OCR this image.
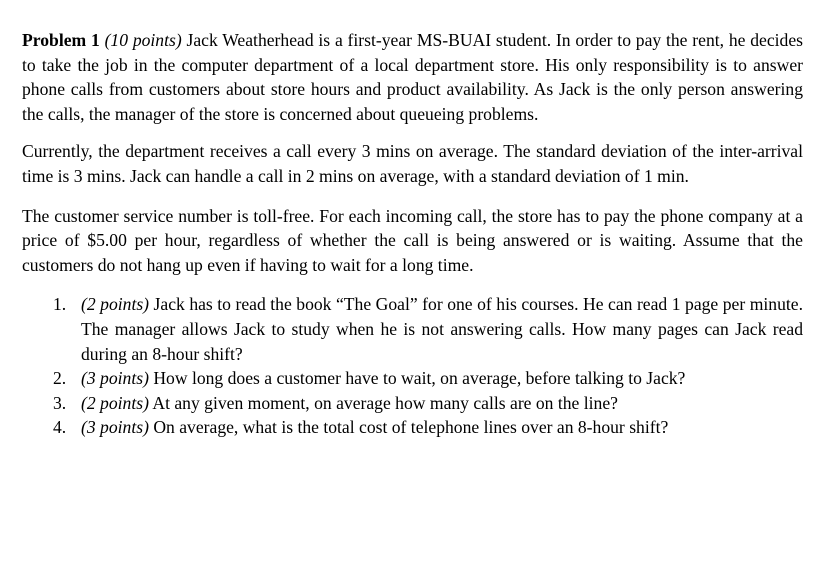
Problem 1 (10 points) Jack Weatherhead is a first-year MS-BUAI student. In order to pay the rent, he decides to take the job in the computer department of a local department store. His only responsibility is to answer phone calls from customers about store hours and product availability. As Jack is the only person answering the calls, the manager of the store is concerned about queueing problems.

Currently, the department receives a call every 3 mins on average. The standard deviation of the inter-arrival time is 3 mins. Jack can handle a call in 2 mins on average, with a standard deviation of 1 min.

The customer service number is toll-free. For each incoming call, the store has to pay the phone company at a price of $5.00 per hour, regardless of whether the call is being answered or is waiting. Assume that the customers do not hang up even if having to wait for a long time.

1. (2 points) Jack has to read the book “The Goal” for one of his courses. He can read 1 page per minute. The manager allows Jack to study when he is not answering calls. How many pages can Jack read during an 8-hour shift?
2. (3 points) How long does a customer have to wait, on average, before talking to Jack?
3. (2 points) At any given moment, on average how many calls are on the line?
4. (3 points) On average, what is the total cost of telephone lines over an 8-hour shift?
